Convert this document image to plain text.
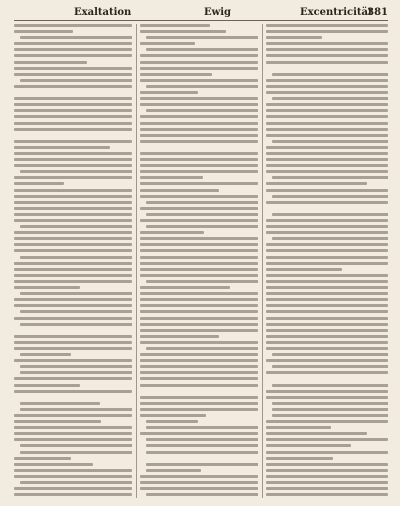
Exaltation	Ewig	Excentricität
381
